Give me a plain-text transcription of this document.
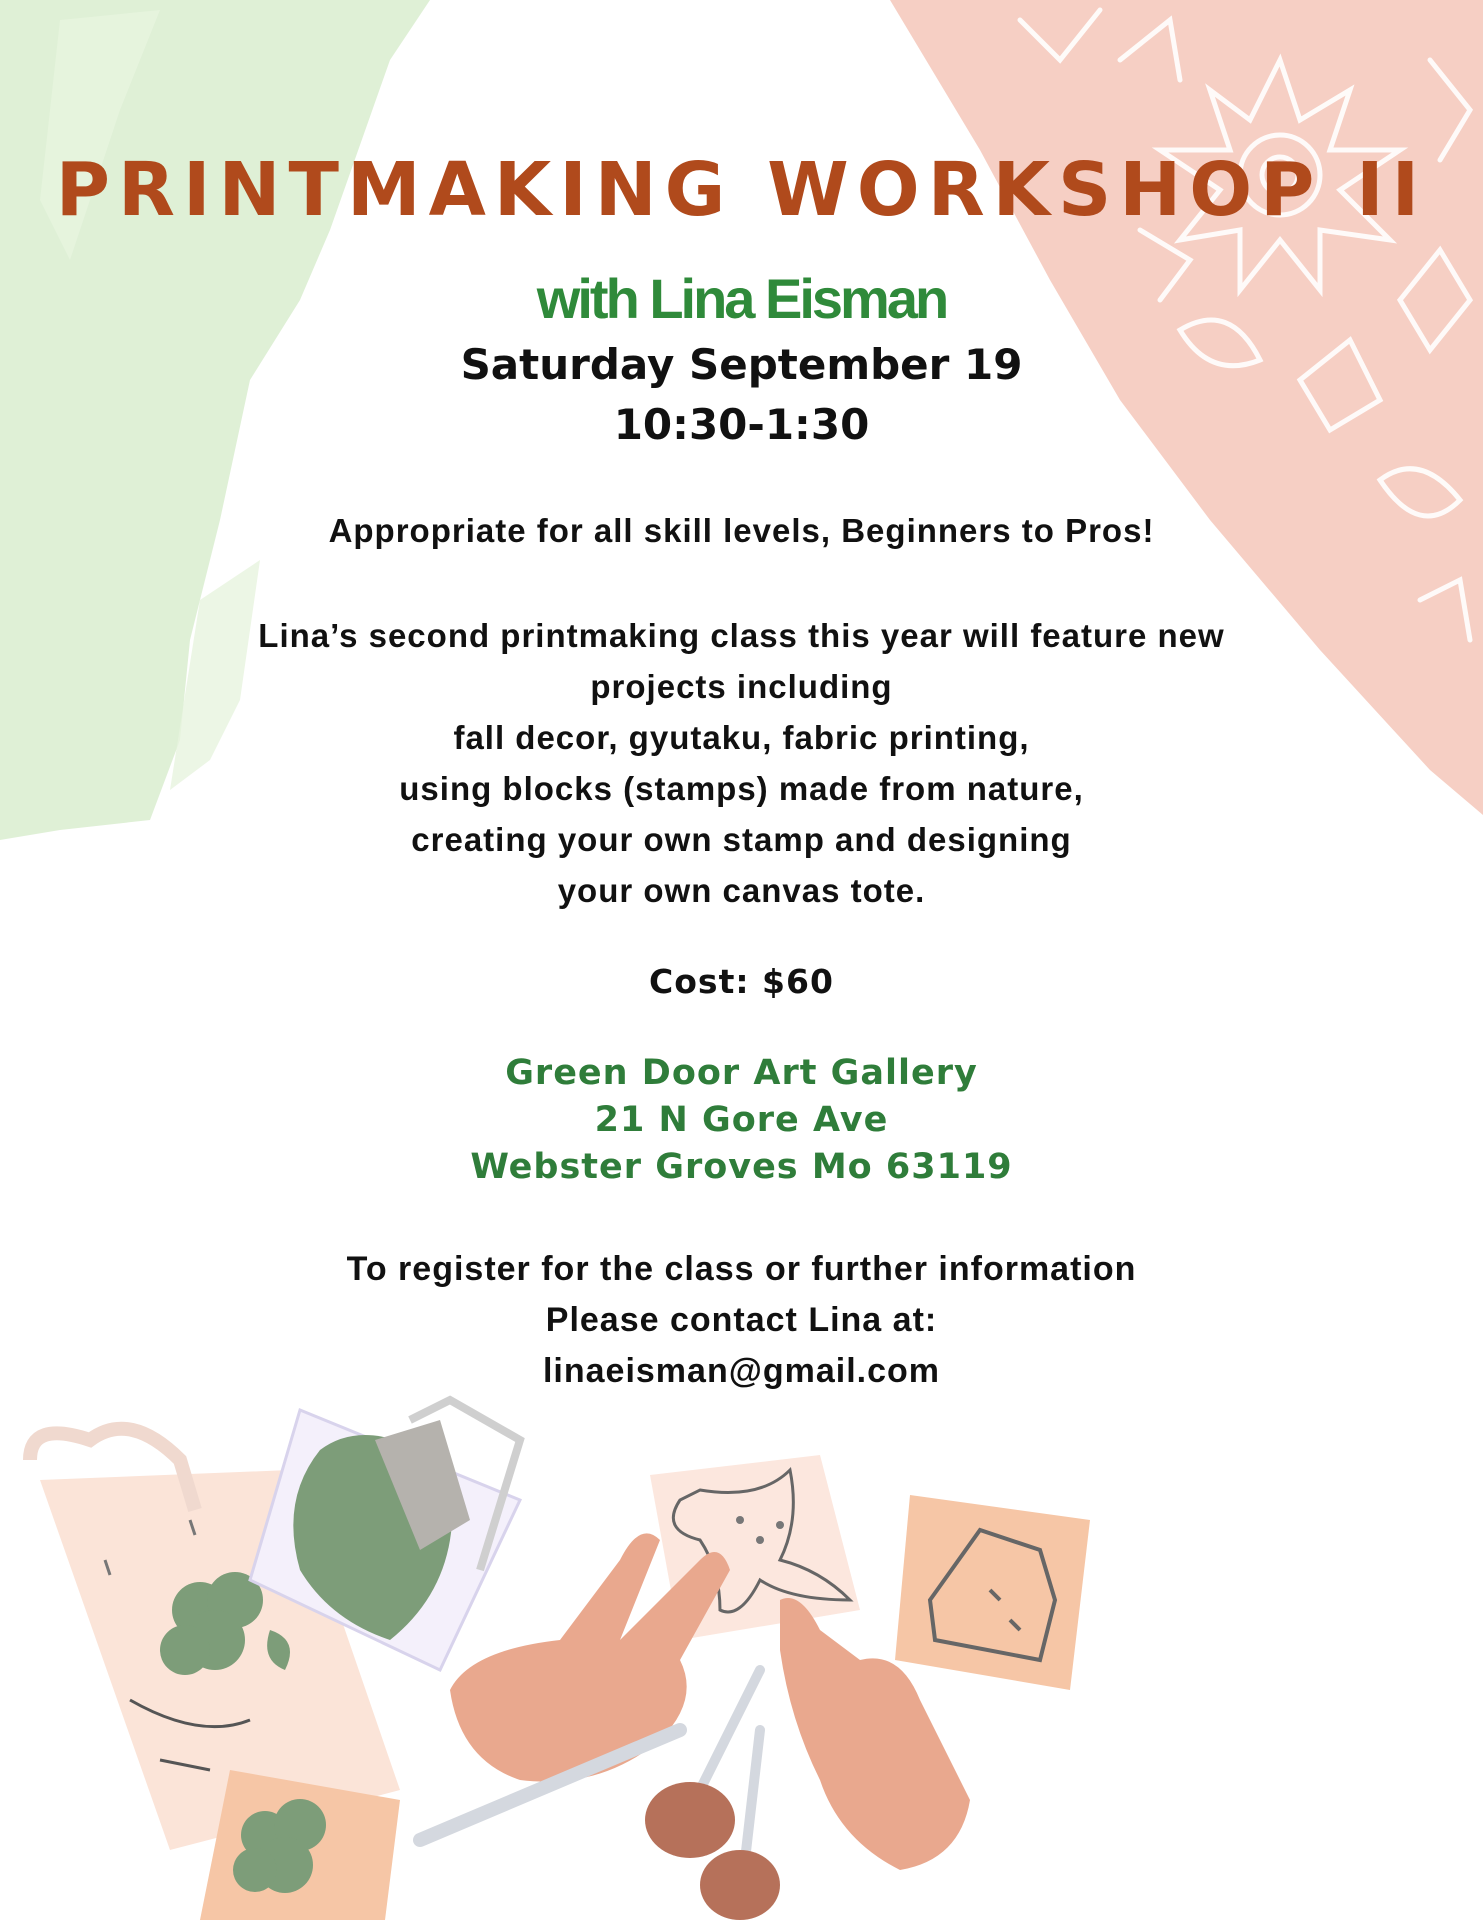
PRINTMAKING WORKSHOP II
with Lina Eisman
Saturday September 19
10:30-1:30
Appropriate for all skill levels, Beginners to Pros!
Lina’s second printmaking class this year will feature new
projects including
fall decor, gyutaku, fabric printing,
using blocks (stamps) made from nature,
creating your own stamp and designing
your own canvas tote.
Cost: $60
Green Door Art Gallery
21 N Gore Ave
Webster Groves Mo 63119
To register for the class or further information
Please contact Lina at:
linaeisman@gmail.com
